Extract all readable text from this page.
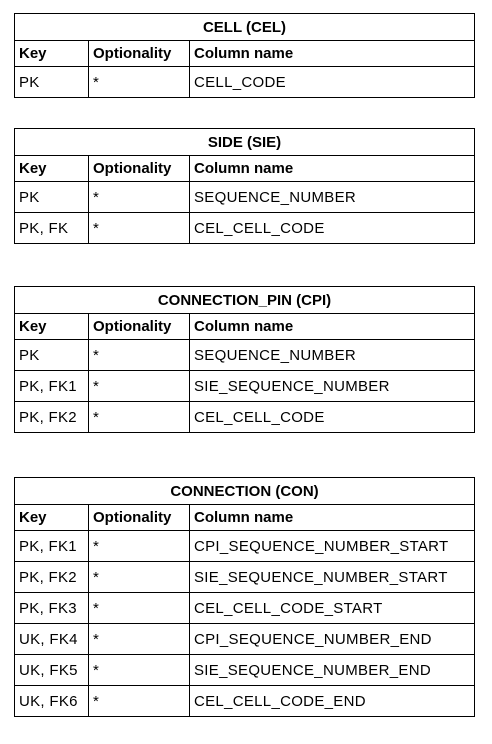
CELL (CEL)		
Key	Optionality	Column name
PK	*	CELL_CODE
SIDE (SIE)		
Key	Optionality	Column name
PK	*	SEQUENCE_NUMBER
PK, FK	*	CEL_CELL_CODE
CONNECTION_PIN (CPI)		
Key	Optionality	Column name
PK	*	SEQUENCE_NUMBER
PK, FK1	*	SIE_SEQUENCE_NUMBER
PK, FK2	*	CEL_CELL_CODE
CONNECTION (CON)		
Key	Optionality	Column name
PK, FK1	*	CPI_SEQUENCE_NUMBER_START
PK, FK2	*	SIE_SEQUENCE_NUMBER_START
PK, FK3	*	CEL_CELL_CODE_START
UK, FK4	*	CPI_SEQUENCE_NUMBER_END
UK, FK5	*	SIE_SEQUENCE_NUMBER_END
UK, FK6	*	CEL_CELL_CODE_END
